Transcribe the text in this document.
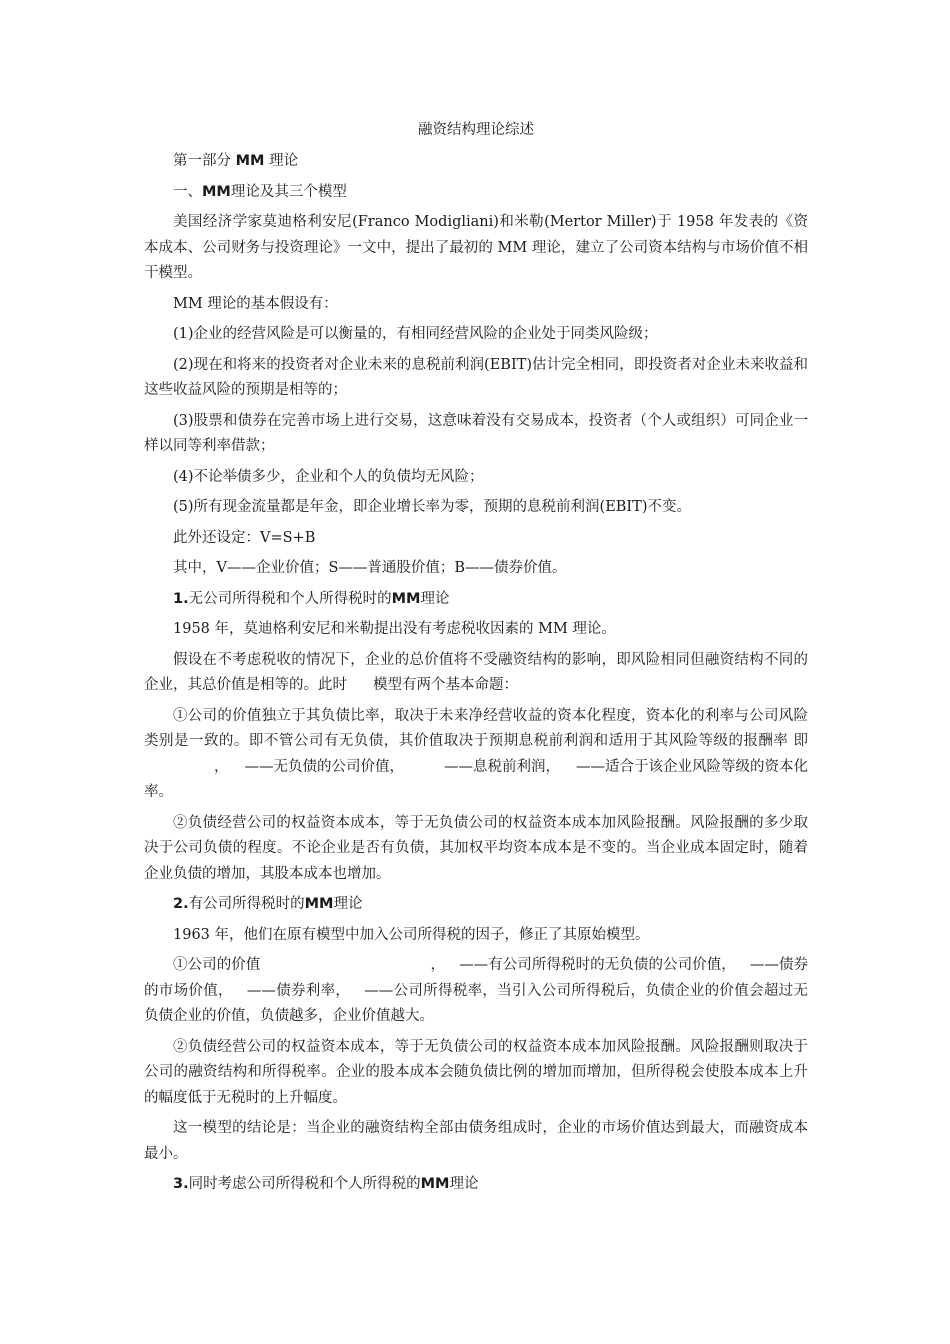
融资结构理论综述
第一部分 MM 理论
一、MM理论及其三个模型
美国经济学家莫迪格利安尼(Franco Modigliani)和米勒(Mertor Miller)于 1958 年发表的《资本成本、公司财务与投资理论》一文中，提出了最初的 MM 理论，建立了公司资本结构与市场价值不相干模型。
MM 理论的基本假设有：
(1)企业的经营风险是可以衡量的，有相同经营风险的企业处于同类风险级；
(2)现在和将来的投资者对企业未来的息税前利润(EBIT)估计完全相同，即投资者对企业未来收益和这些收益风险的预期是相等的；
(3)股票和债券在完善市场上进行交易，这意味着没有交易成本，投资者（个人或组织）可同企业一样以同等利率借款；
(4)不论举债多少，企业和个人的负债均无风险；
(5)所有现金流量都是年金，即企业增长率为零，预期的息税前利润(EBIT)不变。
此外还设定：V=S+B
其中，V——企业价值；S——普通股价值；B——债券价值。
1.无公司所得税和个人所得税时的MM理论
1958 年，莫迪格利安尼和米勒提出没有考虑税收因素的 MM 理论。
假设在不考虑税收的情况下，企业的总价值将不受融资结构的影响，即风险相同但融资结构不同的企业，其总价值是相等的。此时 模型有两个基本命题：
①公司的价值独立于其负债比率，取决于未来净经营收益的资本化程度，资本化的利率与公司风险类别是一致的。即不管公司有无负债，其价值取决于预期息税前利润和适用于其风险等级的报酬率 即， ——无负债的公司价值，	——息税前利润， ——适合于该企业风险等级的资本化率。
②负债经营公司的权益资本成本，等于无负债公司的权益资本成本加风险报酬。风险报酬的多少取决于公司负债的程度。不论企业是否有负债，其加权平均资本成本是不变的。当企业成本固定时，随着企业负债的增加，其股本成本也增加。
2.有公司所得税时的MM理论
1963 年，他们在原有模型中加入公司所得税的因子，修正了其原始模型。
①公司的价值	， ——有公司所得税时的无负债的公司价值， ——债券的市场价值， ——债券利率， ——公司所得税率，当引入公司所得税后，负债企业的价值会超过无负债企业的价值，负债越多，企业价值越大。
②负债经营公司的权益资本成本，等于无负债公司的权益资本成本加风险报酬。风险报酬则取决于公司的融资结构和所得税率。企业的股本成本会随负债比例的增加而增加，但所得税会使股本成本上升的幅度低于无税时的上升幅度。
这一模型的结论是：当企业的融资结构全部由债务组成时，企业的市场价值达到最大，而融资成本最小。
3.同时考虑公司所得税和个人所得税的MM理论
